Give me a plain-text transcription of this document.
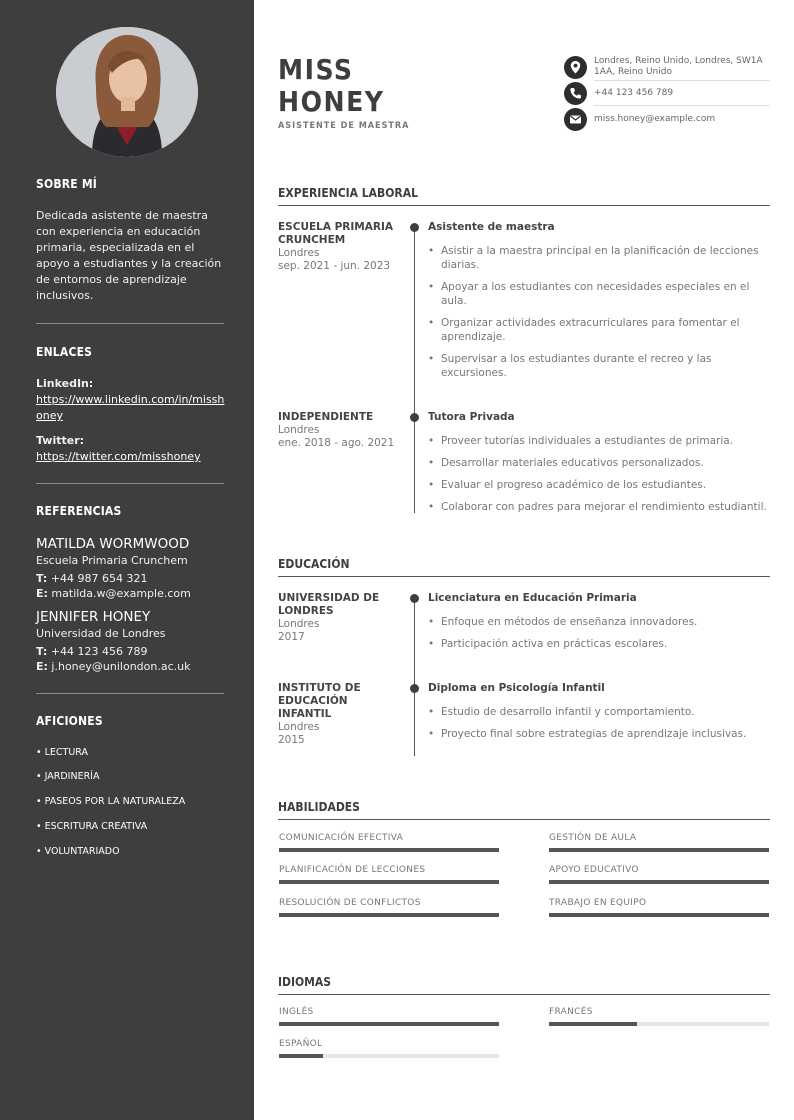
SOBRE MÍ
Dedicada asistente de maestra con experiencia en educación primaria, especializada en el apoyo a estudiantes y la creación de entornos de aprendizaje inclusivos.
ENLACES
LinkedIn:
https://www.linkedin.com/in/misshoney
Twitter:
https://twitter.com/misshoney
REFERENCIAS
MATILDA WORMWOOD
Escuela Primaria Crunchem
T: +44 987 654 321
E: matilda.w@example.com
JENNIFER HONEY
Universidad de Londres
T: +44 123 456 789
E: j.honey@unilondon.ac.uk
AFICIONES
• LECTURA
• JARDINERÍA
• PASEOS POR LA NATURALEZA
• ESCRITURA CREATIVA
• VOLUNTARIADO
MISS
HONEY
ASISTENTE DE MAESTRA
Londres, Reino Unido, Londres, SW1A 1AA, Reino Unido
+44 123 456 789
miss.honey@example.com
EXPERIENCIA LABORAL
ESCUELA PRIMARIA CRUNCHEM
Londres
sep. 2021 - jun. 2023
Asistente de maestra
• Asistir a la maestra principal en la planificación de lecciones diarias.
• Apoyar a los estudiantes con necesidades especiales en el aula.
• Organizar actividades extracurriculares para fomentar el aprendizaje.
• Supervisar a los estudiantes durante el recreo y las excursiones.
INDEPENDIENTE
Londres
ene. 2018 - ago. 2021
Tutora Privada
• Proveer tutorías individuales a estudiantes de primaria.
• Desarrollar materiales educativos personalizados.
• Evaluar el progreso académico de los estudiantes.
• Colaborar con padres para mejorar el rendimiento estudiantil.
EDUCACIÓN
UNIVERSIDAD DE LONDRES
Londres
2017
Licenciatura en Educación Primaria
• Enfoque en métodos de enseñanza innovadores.
• Participación activa en prácticas escolares.
INSTITUTO DE EDUCACIÓN INFANTIL
Londres
2015
Diploma en Psicología Infantil
• Estudio de desarrollo infantil y comportamiento.
• Proyecto final sobre estrategias de aprendizaje inclusivas.
HABILIDADES
COMUNICACIÓN EFECTIVA	GESTIÓN DE AULA
PLANIFICACIÓN DE LECCIONES	APOYO EDUCATIVO
RESOLUCIÓN DE CONFLICTOS	TRABAJO EN EQUIPO
IDIOMAS
INGLÉS	FRANCÉS
ESPAÑOL
